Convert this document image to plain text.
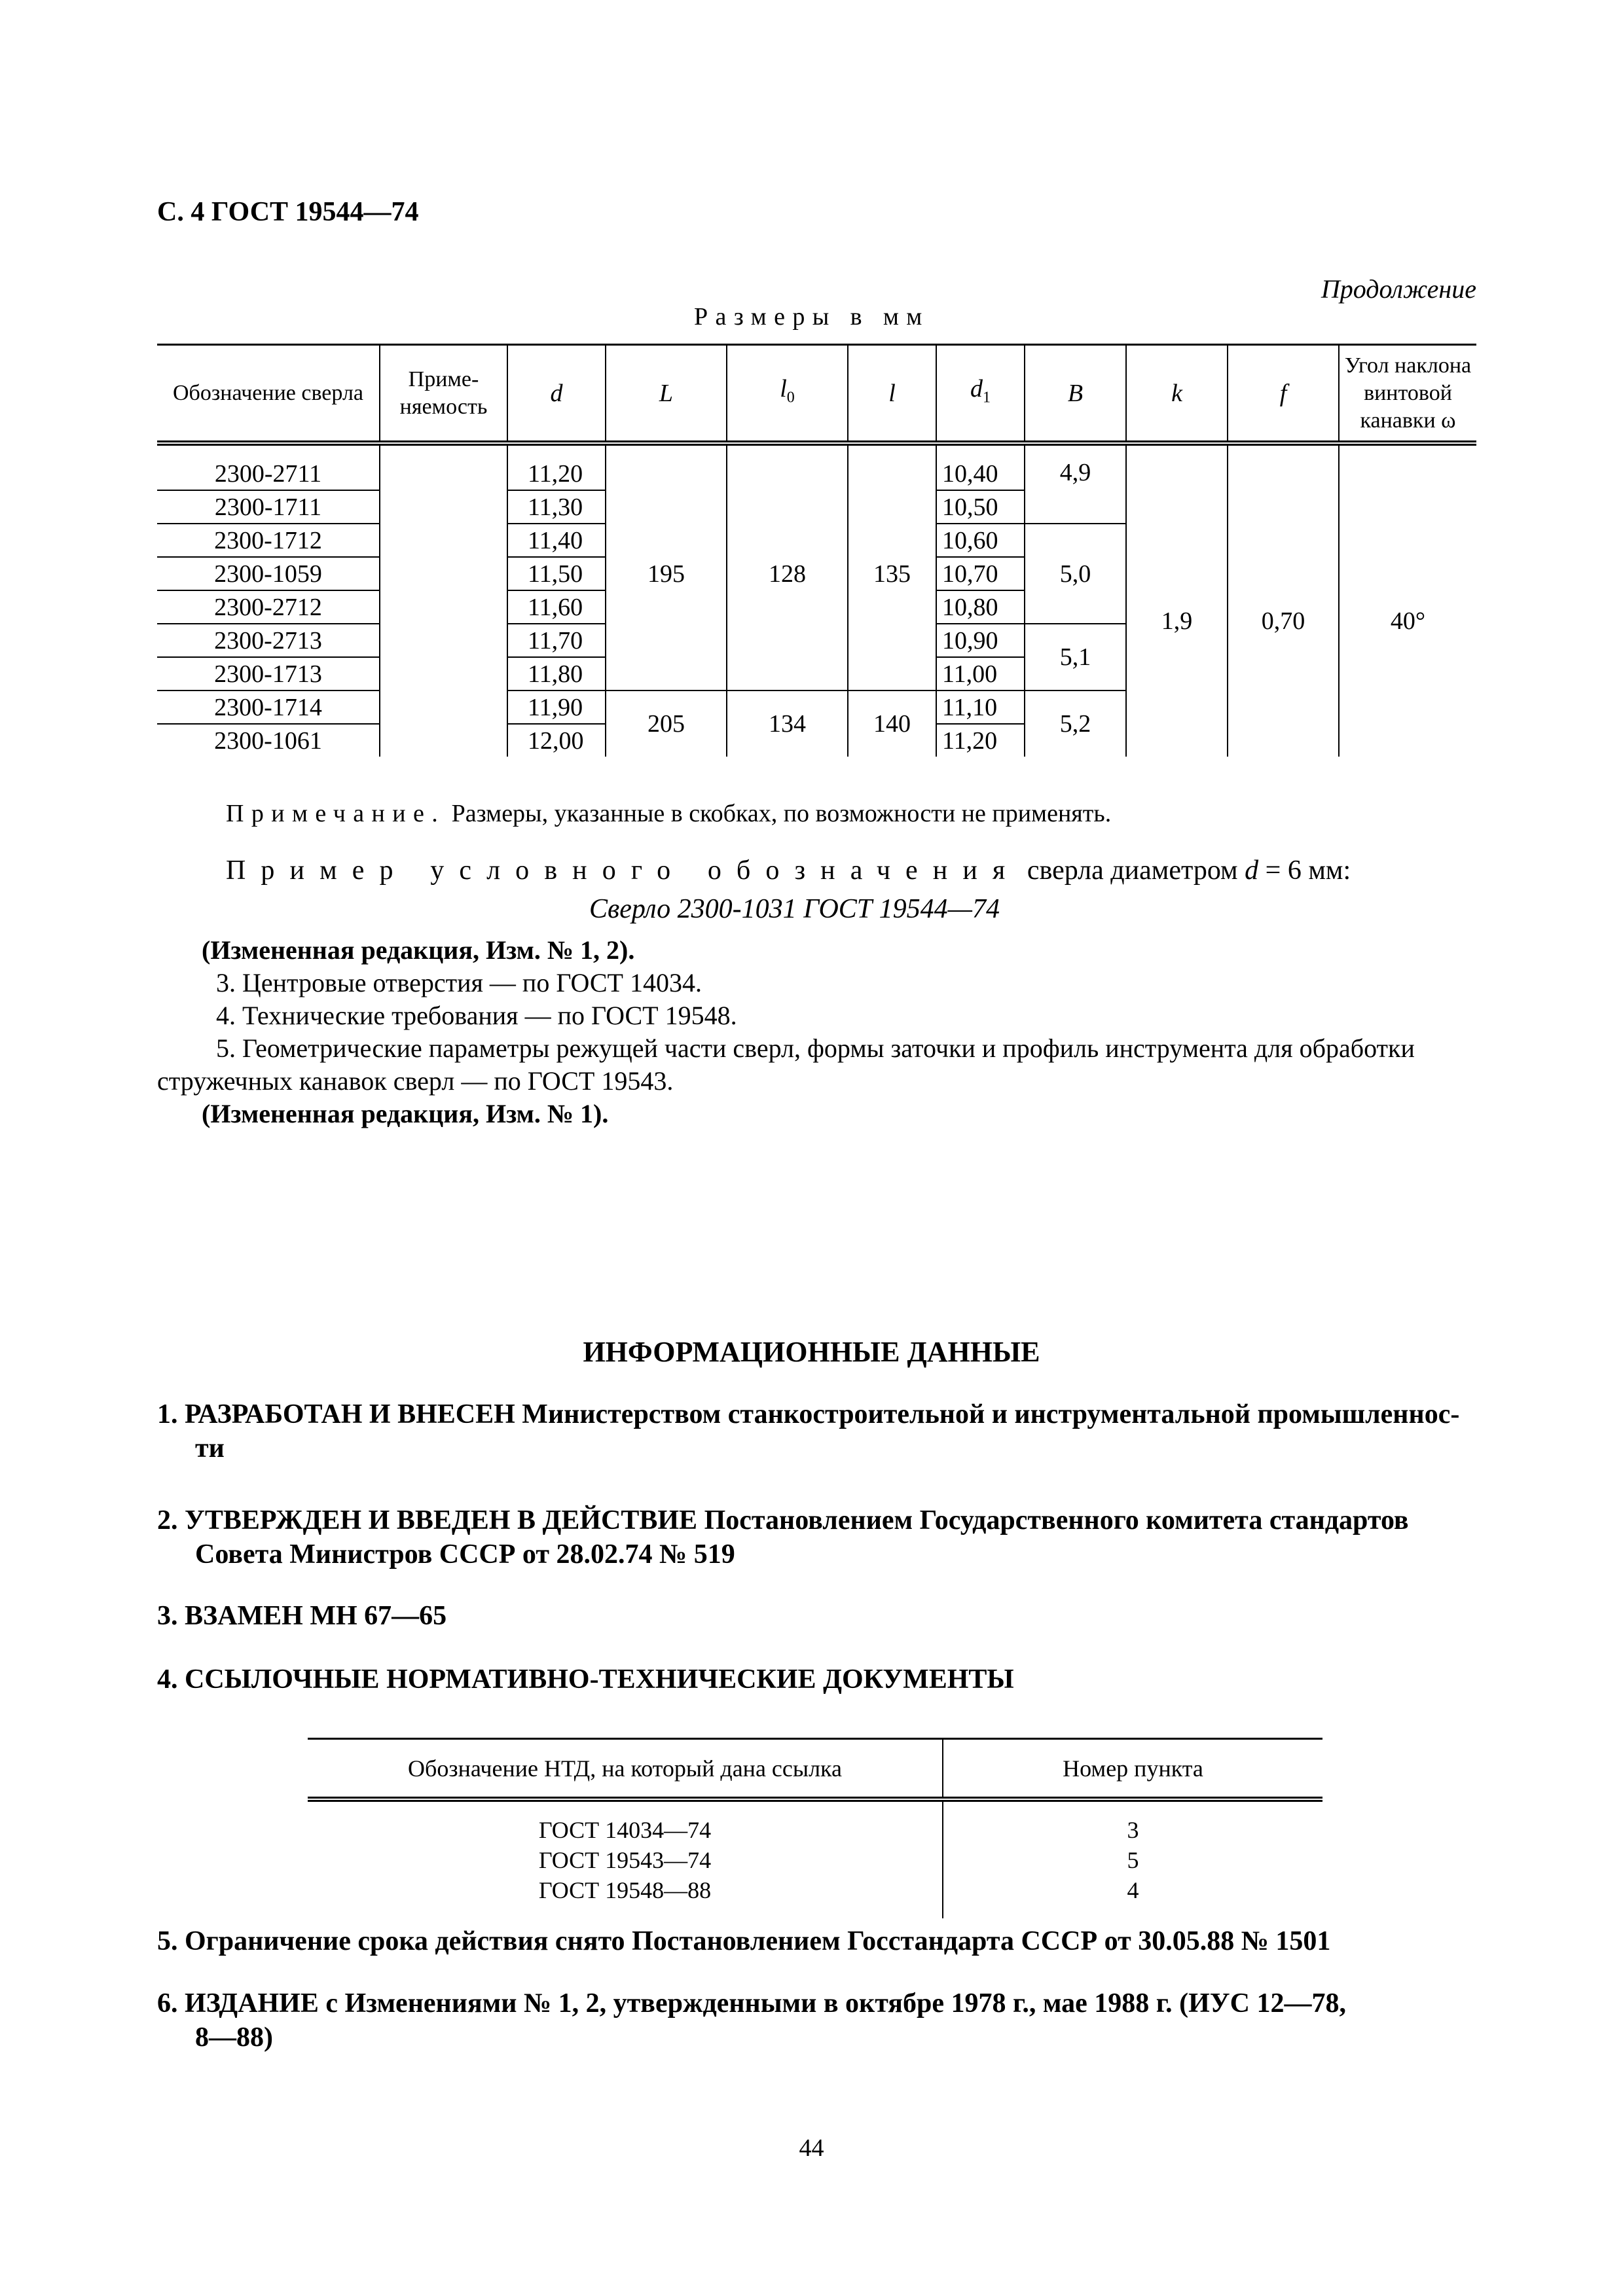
С. 4 ГОСТ 19544—74
Продолжение
Размеры в мм
Обозначение сверла	Приме-няемость	d	L	$l_0$	l	$d_1$	B	k	f	Угол наклона винтовой канавки ω
2300-2711		11,20	195	128	135	10,40	4,9	1,9	0,70	40°
2300-1711		11,30				10,50				
2300-1712		11,40				10,60	5,0			
2300-1059		11,50				10,70				
2300-2712		11,60				10,80				
2300-2713		11,70				10,90	5,1			
2300-1713		11,80				11,00				
2300-1714		11,90	205	134	140	11,10	5,2			
2300-1061		12,00				11,20				
Примечание. Размеры, указанные в скобках, по возможности не применять.
Пример условного обозначения сверла диаметром d = 6 мм:
Сверло 2300-1031 ГОСТ 19544—74
(Измененная редакция, Изм. № 1, 2).
3. Центровые отверстия — по ГОСТ 14034.
4. Технические требования — по ГОСТ 19548.
5. Геометрические параметры режущей части сверл, формы заточки и профиль инструмента для обработки стружечных канавок сверл — по ГОСТ 19543.
(Измененная редакция, Изм. № 1).
ИНФОРМАЦИОННЫЕ ДАННЫЕ
1. РАЗРАБОТАН И ВНЕСЕН Министерством станкостроительной и инструментальной промышленнос-
ти
2. УТВЕРЖДЕН И ВВЕДЕН В ДЕЙСТВИЕ Постановлением Государственного комитета стандартов
Совета Министров СССР от 28.02.74 № 519
3. ВЗАМЕН МН 67—65
4. ССЫЛОЧНЫЕ НОРМАТИВНО-ТЕХНИЧЕСКИЕ ДОКУМЕНТЫ
Обозначение НТД, на который дана ссылка	Номер пункта
ГОСТ 14034—74	3
ГОСТ 19543—74	5
ГОСТ 19548—88	4
5. Ограничение срока действия снято Постановлением Госстандарта СССР от 30.05.88 № 1501
6. ИЗДАНИЕ с Изменениями № 1, 2, утвержденными в октябре 1978 г., мае 1988 г. (ИУС 12—78,
8—88)
44
